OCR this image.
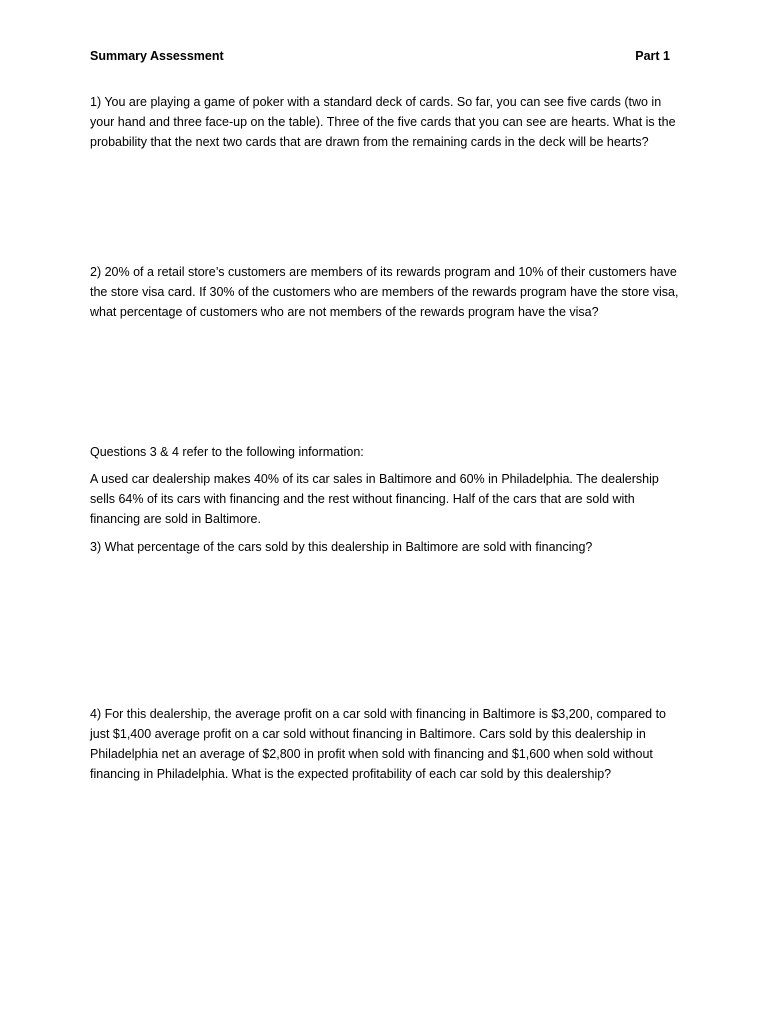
Summary Assessment	Part 1

1) You are playing a game of poker with a standard deck of cards. So far, you can see five cards (two in your hand and three face-up on the table). Three of the five cards that you can see are hearts. What is the probability that the next two cards that are drawn from the remaining cards in the deck will be hearts?

2) 20% of a retail store’s customers are members of its rewards program and 10% of their customers have the store visa card. If 30% of the customers who are members of the rewards program have the store visa, what percentage of customers who are not members of the rewards program have the visa?

Questions 3 & 4 refer to the following information:

A used car dealership makes 40% of its car sales in Baltimore and 60% in Philadelphia. The dealership sells 64% of its cars with financing and the rest without financing. Half of the cars that are sold with financing are sold in Baltimore.

3) What percentage of the cars sold by this dealership in Baltimore are sold with financing?

4) For this dealership, the average profit on a car sold with financing in Baltimore is $3,200, compared to just $1,400 average profit on a car sold without financing in Baltimore. Cars sold by this dealership in Philadelphia net an average of $2,800 in profit when sold with financing and $1,600 when sold without financing in Philadelphia. What is the expected profitability of each car sold by this dealership?
